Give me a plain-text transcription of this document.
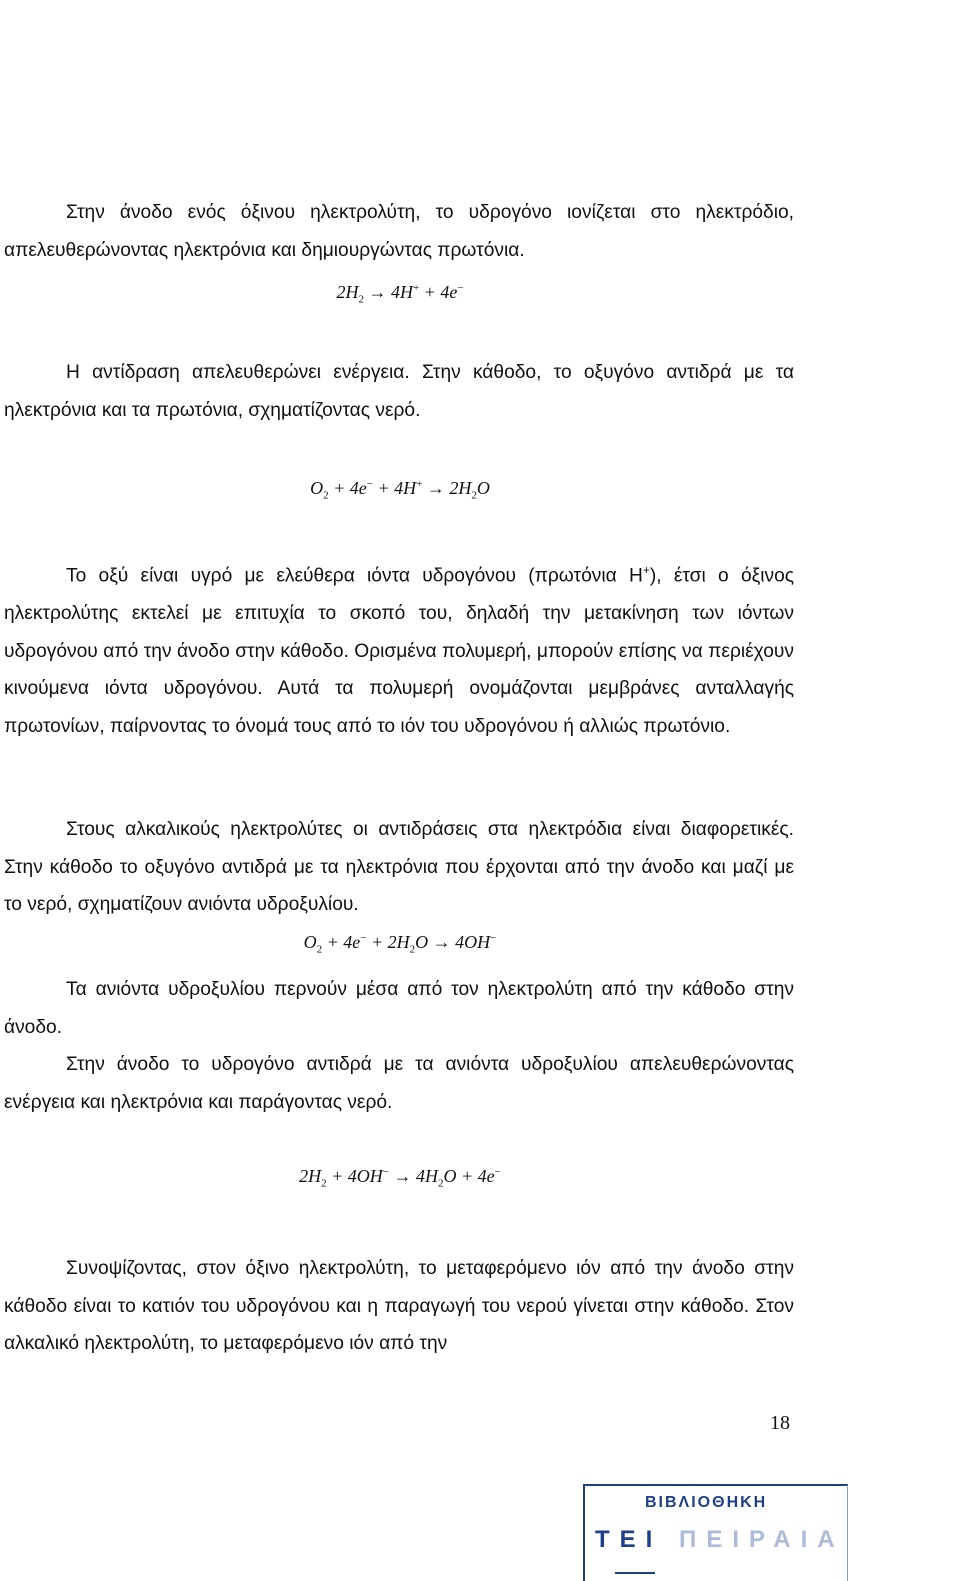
Στην άνοδο ενός όξινου ηλεκτρολύτη, το υδρογόνο ιονίζεται στο ηλεκτρόδιο, απελευθερώνοντας ηλεκτρόνια και δημιουργώντας πρωτόνια.

$2H_2 \to 4H^+ + 4e^-$

Η αντίδραση απελευθερώνει ενέργεια. Στην κάθοδο, το οξυγόνο αντιδρά με τα ηλεκτρόνια και τα πρωτόνια, σχηματίζοντας νερό.

$O_2 + 4e^- + 4H^+ \to 2H_2O$

Το οξύ είναι υγρό με ελεύθερα ιόντα υδρογόνου (πρωτόνια H+), έτσι ο όξινος ηλεκτρολύτης εκτελεί με επιτυχία το σκοπό του, δηλαδή την μετακίνηση των ιόντων υδρογόνου από την άνοδο στην κάθοδο. Ορισμένα πολυμερή, μπορούν επίσης να περιέχουν κινούμενα ιόντα υδρογόνου. Αυτά τα πολυμερή ονομάζονται μεμβράνες ανταλλαγής πρωτονίων, παίρνοντας το όνομά τους από το ιόν του υδρογόνου ή αλλιώς πρωτόνιο.

Στους αλκαλικούς ηλεκτρολύτες οι αντιδράσεις στα ηλεκτρόδια είναι διαφορετικές. Στην κάθοδο το οξυγόνο αντιδρά με τα ηλεκτρόνια που έρχονται από την άνοδο και μαζί με το νερό, σχηματίζουν ανιόντα υδροξυλίου.

$O_2 + 4e^- + 2H_2O \to 4OH^-$

Τα ανιόντα υδροξυλίου περνούν μέσα από τον ηλεκτρολύτη από την κάθοδο στην άνοδο.

Στην άνοδο το υδρογόνο αντιδρά με τα ανιόντα υδροξυλίου απελευθερώνοντας ενέργεια και ηλεκτρόνια και παράγοντας νερό.

$2H_2 + 4OH^- \to 4H_2O + 4e^-$

Συνοψίζοντας, στον όξινο ηλεκτρολύτη, το μεταφερόμενο ιόν από την άνοδο στην κάθοδο είναι το κατιόν του υδρογόνου και η παραγωγή του νερού γίνεται στην κάθοδο. Στον αλκαλικό ηλεκτρολύτη, το μεταφερόμενο ιόν από την

18
ΒΙΒΛΙΟΘΗΚΗ
ΤΕΙ ΠΕΙΡΑΙΑ
